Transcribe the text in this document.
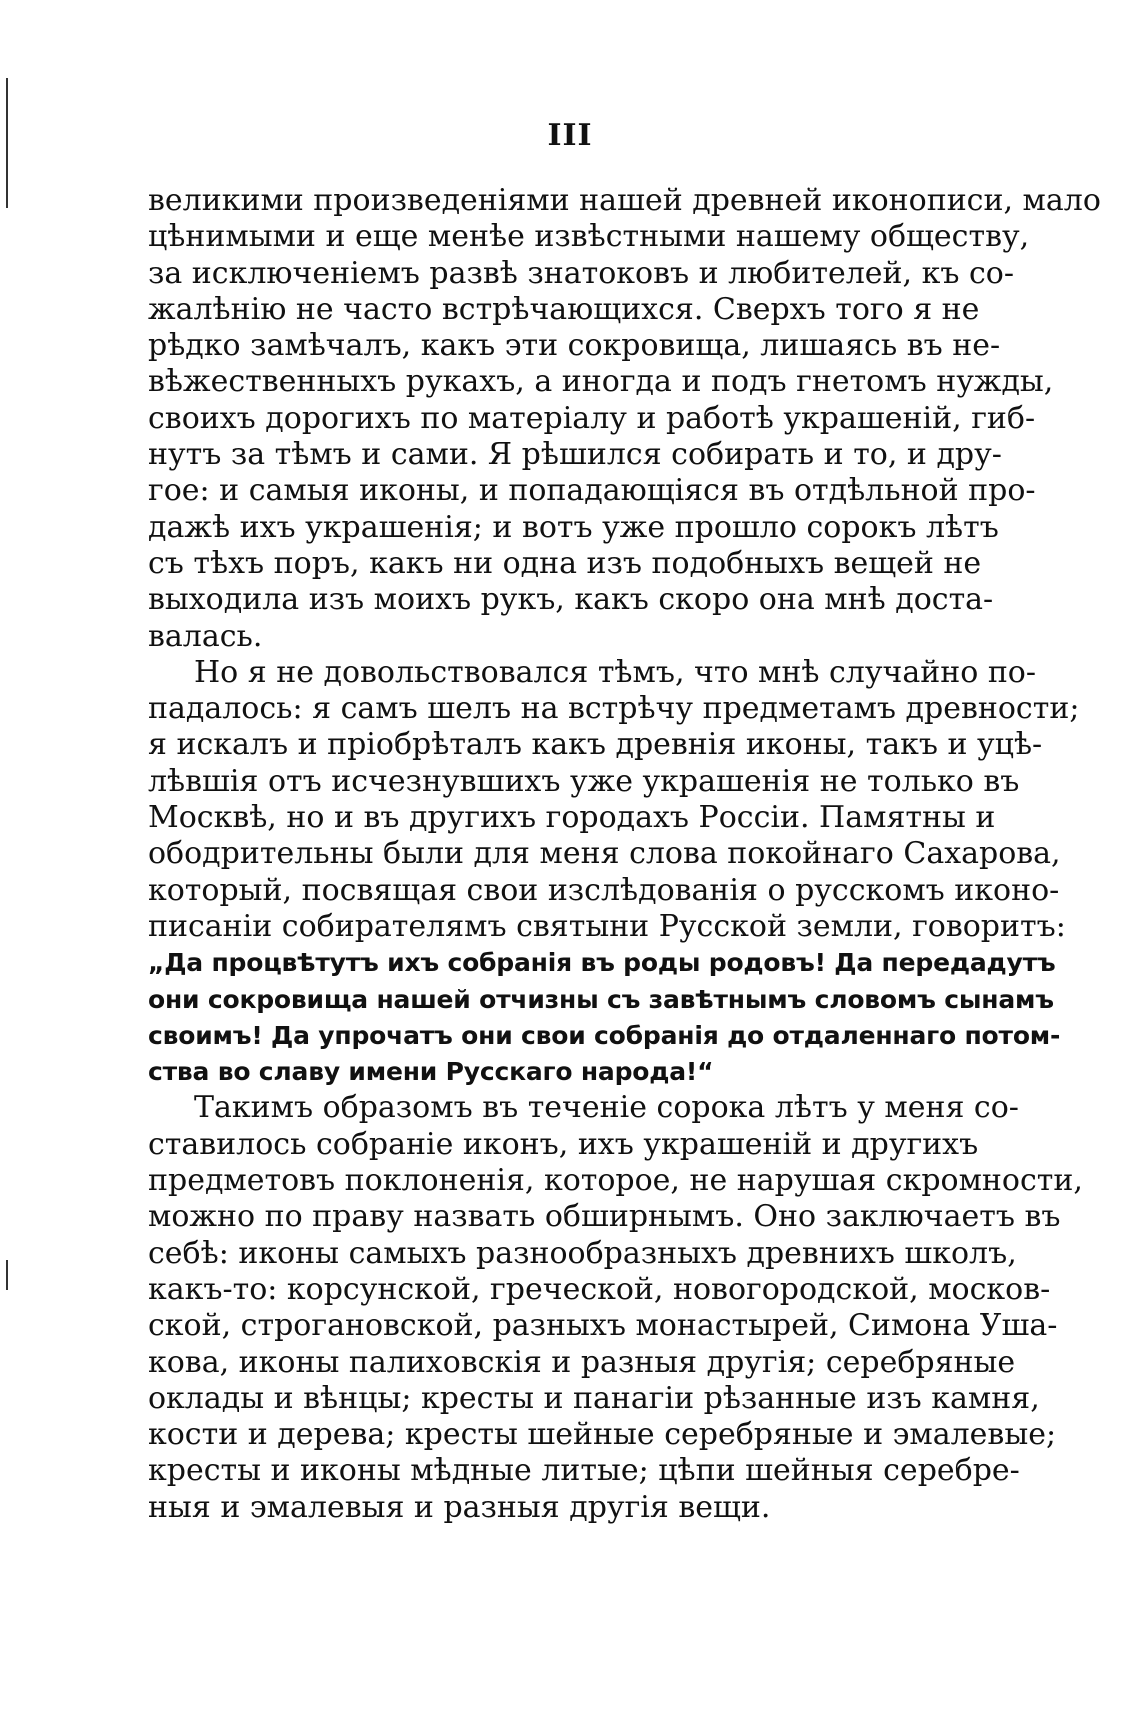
III
великими произведеніями нашей древней иконописи, мало
цѣнимыми и еще менѣе извѣстными нашему обществу,
за исключеніемъ развѣ знатоковъ и любителей, къ со-
жалѣнію не часто встрѣчающихся. Сверхъ того я не
рѣдко замѣчалъ, какъ эти сокровища, лишаясь въ не-
вѣжественныхъ рукахъ, а иногда и подъ гнетомъ нужды,
своихъ дорогихъ по матеріалу и работѣ украшеній, гиб-
нутъ за тѣмъ и сами. Я рѣшился собирать и то, и дру-
гое: и самыя иконы, и попадающіяся въ отдѣльной про-
дажѣ ихъ украшенія; и вотъ уже прошло сорокъ лѣтъ
съ тѣхъ поръ, какъ ни одна изъ подобныхъ вещей не
выходила изъ моихъ рукъ, какъ скоро она мнѣ доста-
валась.
Но я не довольствовался тѣмъ, что мнѣ случайно по-
падалось: я самъ шелъ на встрѣчу предметамъ древности;
я искалъ и пріобрѣталъ какъ древнія иконы, такъ и уцѣ-
лѣвшія отъ исчезнувшихъ уже украшенія не только въ
Москвѣ, но и въ другихъ городахъ Россіи. Памятны и
ободрительны были для меня слова покойнаго Сахарова,
который, посвящая свои изслѣдованія о русскомъ иконо-
писаніи собирателямъ святыни Русской земли, говоритъ:
„Да процвѣтутъ ихъ собранія въ роды родовъ! Да передадутъ
они сокровища нашей отчизны съ завѣтнымъ словомъ сынамъ
своимъ! Да упрочатъ они свои собранія до отдаленнаго потом-
ства во славу имени Русскаго народа!“
Такимъ образомъ въ теченіе сорока лѣтъ у меня со-
ставилось собраніе иконъ, ихъ украшеній и другихъ
предметовъ поклоненія, которое, не нарушая скромности,
можно по праву назвать обширнымъ. Оно заключаетъ въ
себѣ: иконы самыхъ разнообразныхъ древнихъ школъ,
какъ-то: корсунской, греческой, новогородской, москов-
ской, строгановской, разныхъ монастырей, Симона Уша-
кова, иконы палиховскія и разныя другія; серебряные
оклады и вѣнцы; кресты и панагіи рѣзанные изъ камня,
кости и дерева; кресты шейные серебряные и эмалевые;
кресты и иконы мѣдные литые; цѣпи шейныя серебре-
ныя и эмалевыя и разныя другія вещи.
